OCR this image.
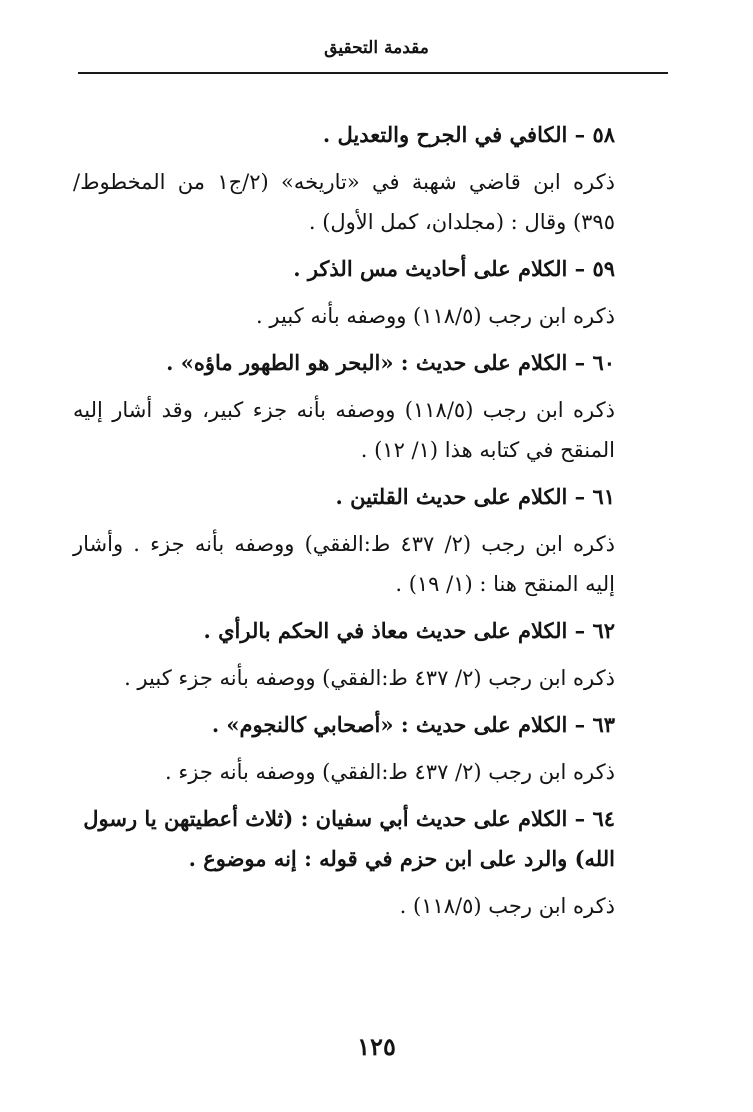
مقدمة التحقيق

٥٨ – الكافي في الجرح والتعديل .

ذكره ابن قاضي شهبة في «تاريخه» (٢/ج١ من المخطوط/ ٣٩٥) وقال : (مجلدان، كمل الأول) .

٥٩ – الكلام على أحاديث مس الذكر .

ذكره ابن رجب (١١٨/٥) ووصفه بأنه كبير .

٦٠ – الكلام على حديث : «البحر هو الطهور ماؤه» .

ذكره ابن رجب (١١٨/٥) ووصفه بأنه جزء كبير، وقد أشار إليه المنقح في كتابه هذا (١/ ١٢) .

٦١ – الكلام على حديث القلتين .

ذكره ابن رجب (٢/ ٤٣٧ ط:الفقي) ووصفه بأنه جزء . وأشار إليه المنقح هنا : (١/ ١٩) .

٦٢ – الكلام على حديث معاذ في الحكم بالرأي .

ذكره ابن رجب (٢/ ٤٣٧ ط:الفقي) ووصفه بأنه جزء كبير .

٦٣ – الكلام على حديث : «أصحابي كالنجوم» .

ذكره ابن رجب (٢/ ٤٣٧ ط:الفقي) ووصفه بأنه جزء .

٦٤ – الكلام على حديث أبي سفيان : (ثلاث أعطيتهن يا رسول الله) والرد على ابن حزم في قوله : إنه موضوع .

ذكره ابن رجب (١١٨/٥) .

١٢٥
